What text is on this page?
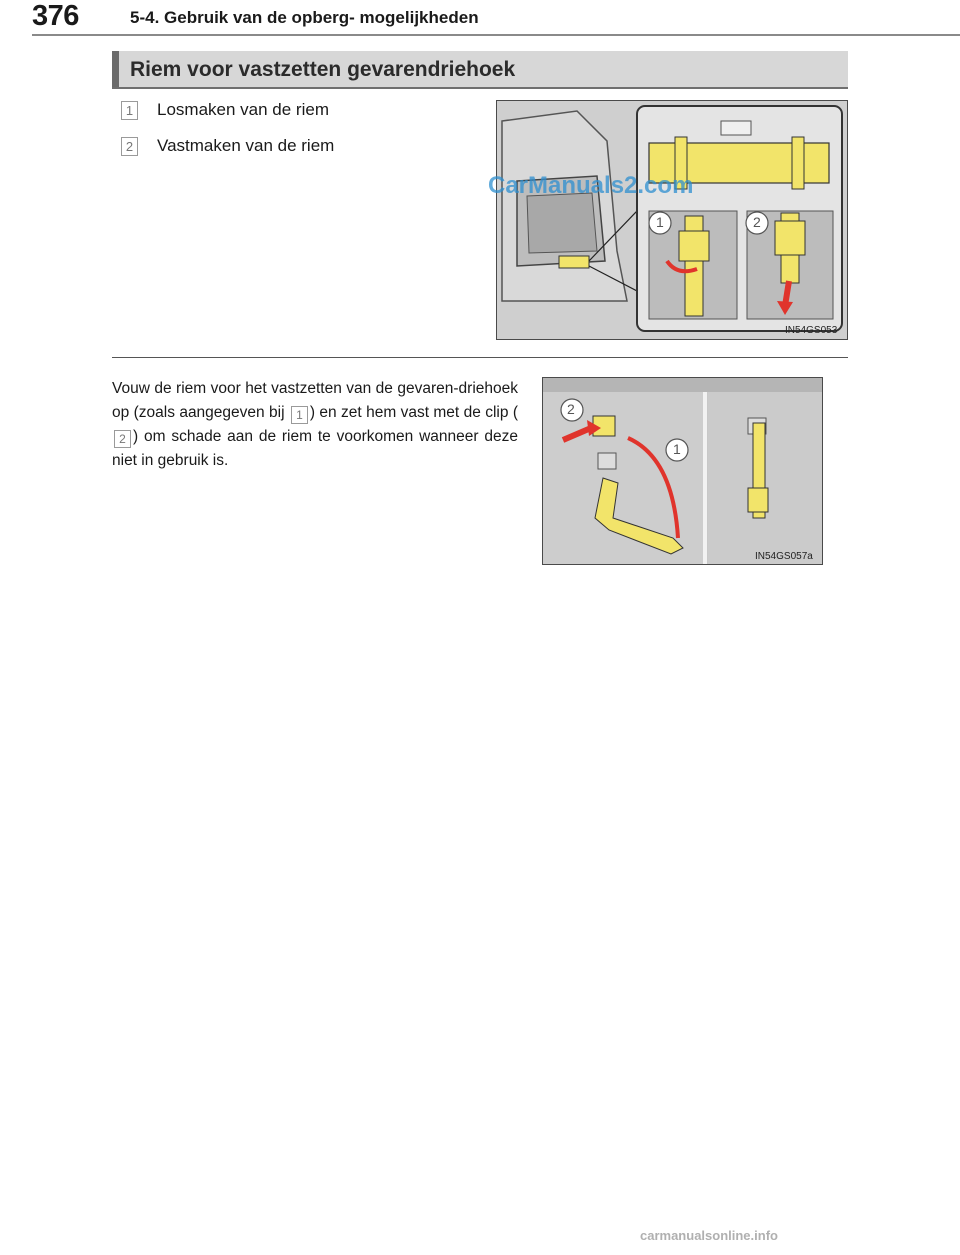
376	5-4. Gebruik van de opberg- mogelijkheden
Riem voor vastzetten gevarendriehoek
1 Losmaken van de riem
2 Vastmaken van de riem
1	2
IN54GS053
CarManuals2.com
Vouw de riem voor het vastzetten van de gevaren-driehoek op (zoals aangegeven bij 1 ) en zet hem vast met de clip (2 ) om schade aan de riem te voorkomen wanneer deze niet in gebruik is.
2
1
IN54GS057a
carmanualsonline.info
